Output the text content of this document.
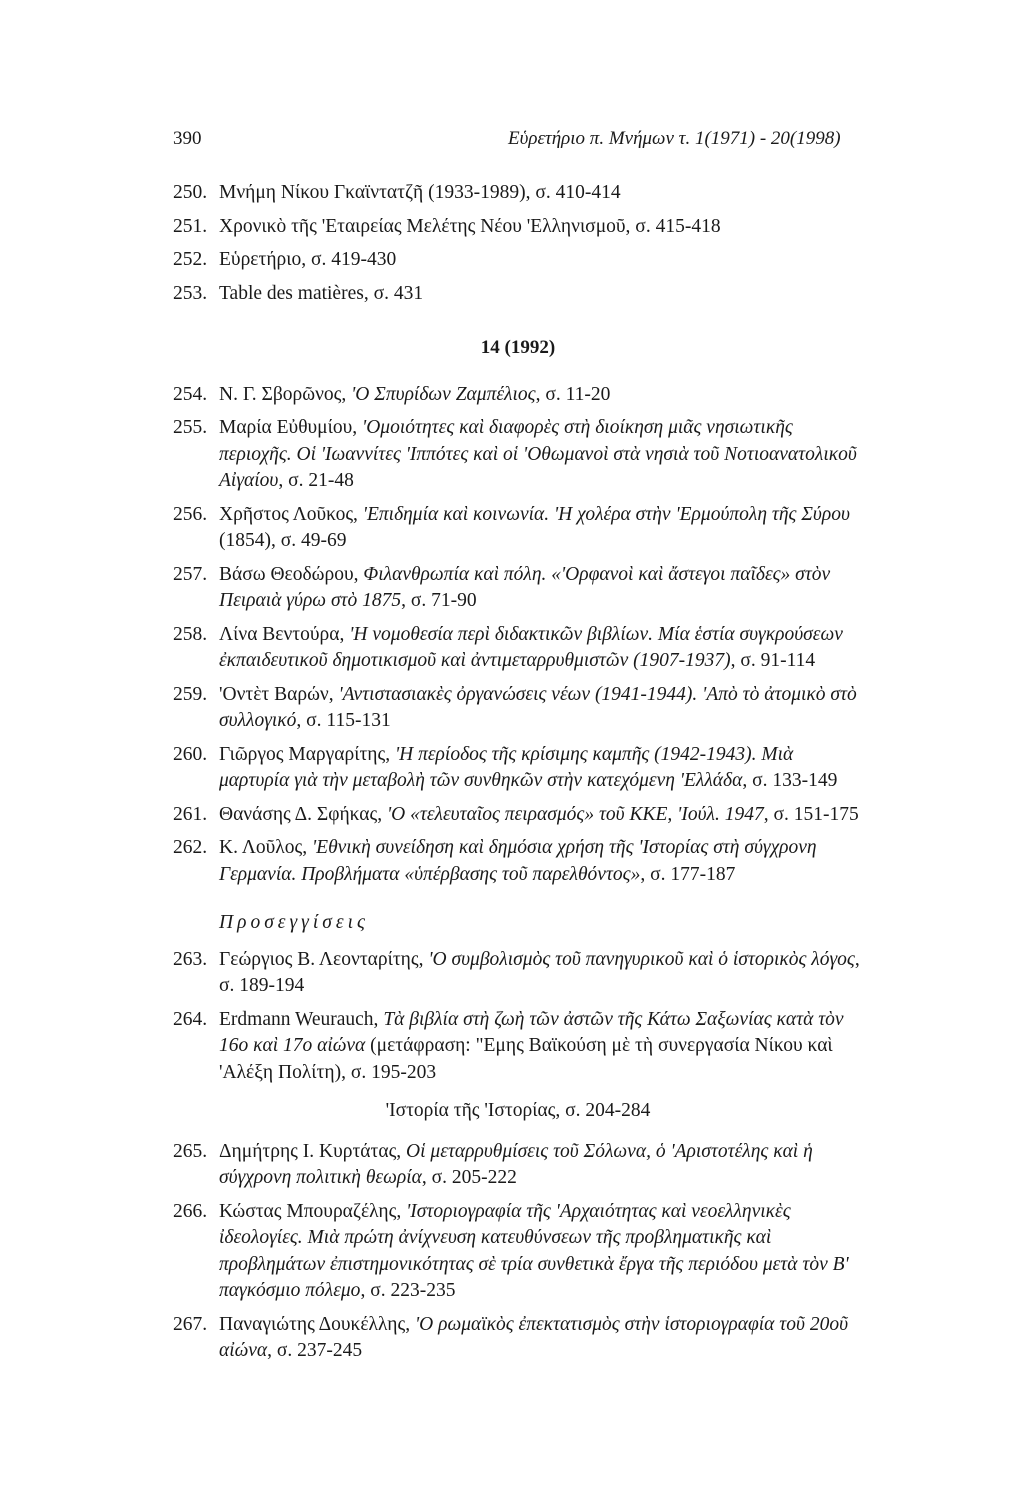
390	Εὑρετήριο π. Μνήμων τ. 1(1971) - 20(1998)
250. Μνήμη Νίκου Γκαϊντατζῆ (1933-1989), σ. 410-414
251. Χρονικὸ τῆς 'Εταιρείας Μελέτης Νέου 'Ελληνισμοῦ, σ. 415-418
252. Εὑρετήριο, σ. 419-430
253. Table des matières, σ. 431
14 (1992)
254. Ν. Γ. Σβορῶνος, 'Ο Σπυρίδων Ζαμπέλιος, σ. 11-20
255. Μαρία Εὐθυμίου, 'Ομοιότητες καὶ διαφορὲς στὴ διοίκηση μιᾶς νησιωτικῆς περιοχῆς. Οἱ 'Ιωαννίτες 'Ιππότες καὶ οἱ 'Οθωμανοὶ στὰ νησιὰ τοῦ Νοτιοανατολικοῦ Αἰγαίου, σ. 21-48
256. Χρῆστος Λοῦκος, 'Επιδημία καὶ κοινωνία. 'Η χολέρα στὴν 'Ερμούπολη τῆς Σύρου (1854), σ. 49-69
257. Βάσω Θεοδώρου, Φιλανθρωπία καὶ πόλη. «'Ορφανοὶ καὶ ἄστεγοι παῖδες» στὸν Πειραιὰ γύρω στὸ 1875, σ. 71-90
258. Λίνα Βεντούρα, 'Η νομοθεσία περὶ διδακτικῶν βιβλίων. Μία ἑστία συγκρούσεων ἐκπαιδευτικοῦ δημοτικισμοῦ καὶ ἀντιμεταρρυθμιστῶν (1907-1937), σ. 91-114
259. 'Οντὲτ Βαρών, 'Αντιστασιακὲς ὀργανώσεις νέων (1941-1944). 'Απὸ τὸ ἀτομικὸ στὸ συλλογικό, σ. 115-131
260. Γιῶργος Μαργαρίτης, 'Η περίοδος τῆς κρίσιμης καμπῆς (1942-1943). Μιὰ μαρτυρία γιὰ τὴν μεταβολὴ τῶν συνθηκῶν στὴν κατεχόμενη 'Ελλάδα, σ. 133-149
261. Θανάσης Δ. Σφήκας, 'Ο «τελευταῖος πειρασμός» τοῦ ΚΚΕ, 'Ιούλ. 1947, σ. 151-175
262. Κ. Λοῦλος, 'Εθνικὴ συνείδηση καὶ δημόσια χρήση τῆς 'Ιστορίας στὴ σύγχρονη Γερμανία. Προβλήματα «ὑπέρβασης τοῦ παρελθόντος», σ. 177-187
Προσεγγίσεις
263. Γεώργιος Β. Λεονταρίτης, 'Ο συμβολισμὸς τοῦ πανηγυρικοῦ καὶ ὁ ἱστορικὸς λόγος, σ. 189-194
264. Erdmann Weurauch, Τὰ βιβλία στὴ ζωὴ τῶν ἀστῶν τῆς Κάτω Σαξωνίας κατὰ τὸν 16ο καὶ 17ο αἰώνα (μετάφραση: "Εμης Βαϊκούση μὲ τὴ συνεργασία Νίκου καὶ 'Αλέξη Πολίτη), σ. 195-203
'Ιστορία τῆς 'Ιστορίας, σ. 204-284
265. Δημήτρης Ι. Κυρτάτας, Οἱ μεταρρυθμίσεις τοῦ Σόλωνα, ὁ 'Αριστοτέλης καὶ ἡ σύγχρονη πολιτικὴ θεωρία, σ. 205-222
266. Κώστας Μπουραζέλης, 'Ιστοριογραφία τῆς 'Αρχαιότητας καὶ νεοελληνικὲς ἰδεολογίες. Μιὰ πρώτη ἀνίχνευση κατευθύνσεων τῆς προβληματικῆς καὶ προβλημάτων ἐπιστημονικότητας σὲ τρία συνθετικὰ ἔργα τῆς περιόδου μετὰ τὸν Β' παγκόσμιο πόλεμο, σ. 223-235
267. Παναγιώτης Δουκέλλης, 'Ο ρωμαϊκὸς ἐπεκτατισμὸς στὴν ἱστοριογραφία τοῦ 20οῦ αἰώνα, σ. 237-245
